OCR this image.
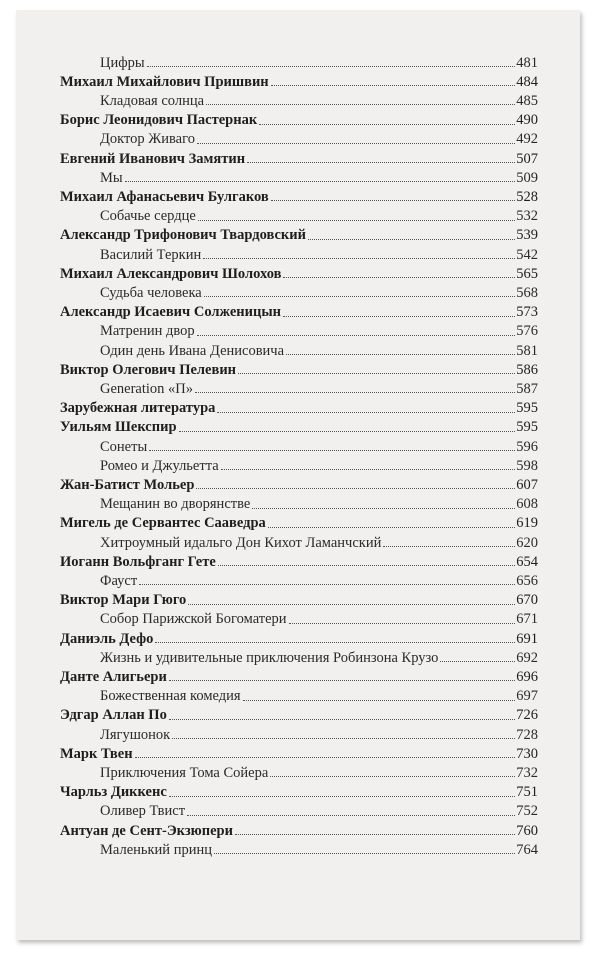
Цифры	481
Михаил Михайлович Пришвин	484
Кладовая солнца	485
Борис Леонидович Пастернак	490
Доктор Живаго	492
Евгений Иванович Замятин	507
Мы	509
Михаил Афанасьевич Булгаков	528
Собачье сердце	532
Александр Трифонович Твардовский	539
Василий Теркин	542
Михаил Александрович Шолохов	565
Судьба человека	568
Александр Исаевич Солженицын	573
Матренин двор	576
Один день Ивана Денисовича	581
Виктор Олегович Пелевин	586
Generation «П»	587
Зарубежная литература	595
Уильям Шекспир	595
Сонеты	596
Ромео и Джульетта	598
Жан-Батист Мольер	607
Мещанин во дворянстве	608
Мигель де Сервантес Сааведра	619
Хитроумный идальго Дон Кихот Ламанчский	620
Иоганн Вольфганг Гете	654
Фауст	656
Виктор Мари Гюго	670
Собор Парижской Богоматери	671
Даниэль Дефо	691
Жизнь и удивительные приключения Робинзона Крузо	692
Данте Алигьери	696
Божественная комедия	697
Эдгар Аллан По	726
Лягушонок	728
Марк Твен	730
Приключения Тома Сойера	732
Чарльз Диккенс	751
Оливер Твист	752
Антуан де Сент-Экзюпери	760
Маленький принц	764
